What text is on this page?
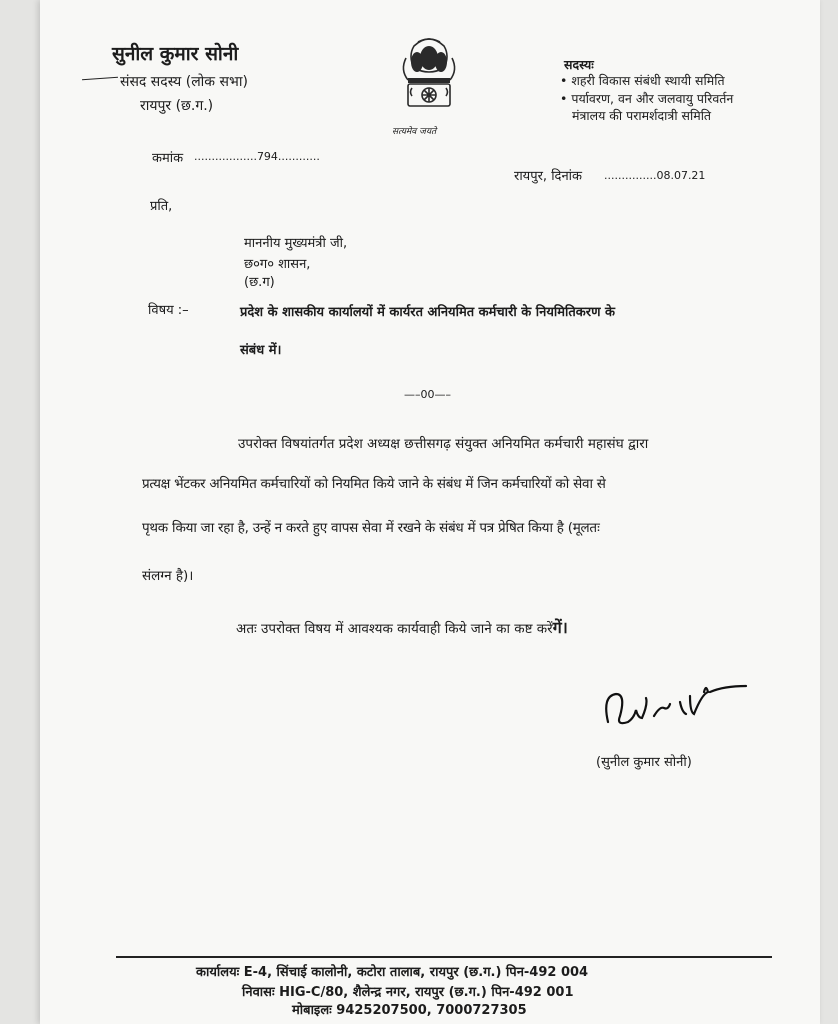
सुनील कुमार सोनी
संसद सदस्य (लोक सभा)
रायपुर (छ.ग.)
सत्यमेव जयते
सदस्यः
• शहरी विकास संबंधी स्थायी समिति
• पर्यावरण, वन और जलवायु परिवर्तन
मंत्रालय की परामर्शदात्री समिति
कमांक ..................794............
रायपुर, दिनांक ...............08.07.21
प्रति,
माननीय मुख्यमंत्री जी,
छ०ग० शासन,
(छ.ग)
विषय :–	प्रदेश के शासकीय कार्यालयों में कार्यरत अनियमित कर्मचारी के नियमितिकरण के
संबंध में।
—–00—–
उपरोक्त विषयांतर्गत प्रदेश अध्यक्ष छत्तीसगढ़ संयुक्त अनियमित कर्मचारी महासंघ द्वारा
प्रत्यक्ष भेंटकर अनियमित कर्मचारियों को नियमित किये जाने के संबंध में जिन कर्मचारियों को सेवा से
पृथक किया जा रहा है, उन्हें न करते हुए वापस सेवा में रखने के संबंध में पत्र प्रेषित किया है (मूलतः
संलग्न है)।
अतः उपरोक्त विषय में आवश्यक कार्यवाही किये जाने का कष्ट करेंगें।
(सुनील कुमार सोनी)
कार्यालयः E-4, सिंचाई कालोनी, कटोरा तालाब, रायपुर (छ.ग.) पिन-492 004
निवासः HIG-C/80, शैलेन्द्र नगर, रायपुर (छ.ग.) पिन-492 001
मोबाइलः 9425207500, 7000727305
